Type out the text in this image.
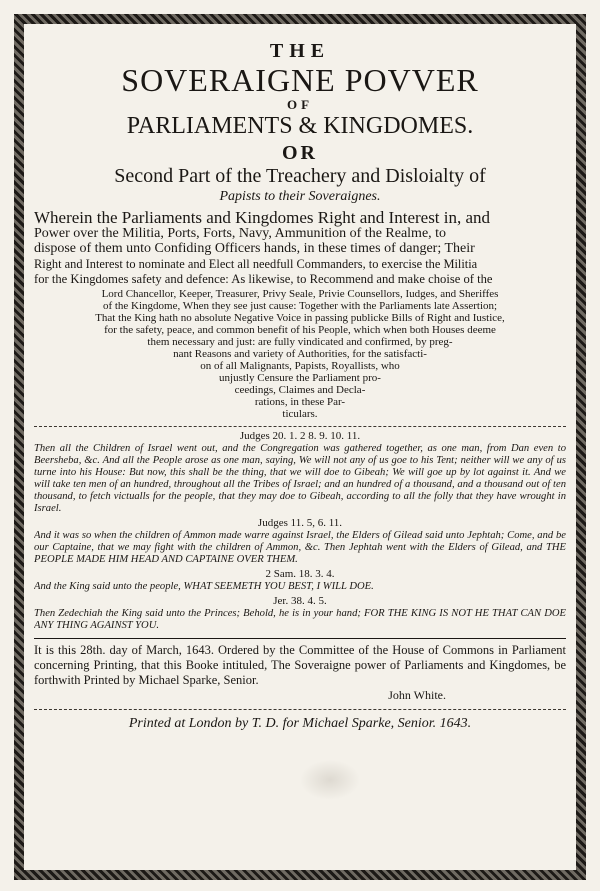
THE
SOVERAIGNE POVVER
OF
PARLIAMENTS & KINGDOMES.
OR
Second Part of the Treachery and Disloialty of
Papists to their Soveraignes.

Wherein the Parliaments and Kingdomes Right and Interest in, and

Power over the Militia, Ports, Forts, Navy, Ammunition of the Realme, to

dispose of them unto Confiding Officers hands, in these times of danger; Their

Right and Interest to nominate and Elect all needfull Commanders, to exercise the Militia

for the Kingdomes safety and defence: As likewise, to Recommend and make choise of the

Lord Chancellor, Keeper, Treasurer, Privy Seale, Privie Counsellors, Iudges, and Sheriffes
of the Kingdome, When they see just cause: Together with the Parliaments late Assertion;
That the King hath no absolute Negative Voice in passing publicke Bills of Right and Iustice,
for the safety, peace, and common benefit of his People, which when both Houses deeme
them necessary and just: are fully vindicated and confirmed, by preg-
nant Reasons and variety of Authorities, for the satisfacti-
on of all Malignants, Papists, Royallists, who
unjustly Censure the Parliament pro-
ceedings, Claimes and Decla-
rations, in these Par-
ticulars.
Judges 20. 1. 2 8. 9. 10. 11.
Then all the Children of Israel went out, and the Congregation was gathered together, as one man, from Dan even to Beersheba, &c. And all the People arose as one man, saying, We will not any of us goe to his Tent; neither will we any of us turne into his House: But now, this shall be the thing, that we will doe to Gibeah; We will goe up by lot against it. And we will take ten men of an hundred, throughout all the Tribes of Israel; and an hundred of a thousand, and a thousand out of ten thousand, to fetch victualls for the people, that they may doe to Gibeah, according to all the folly that they have wrought in Israel.
Judges 11. 5, 6. 11.
And it was so when the children of Ammon made warre against Israel, the Elders of Gilead said unto Jephtah; Come, and be our Captaine, that we may fight with the children of Ammon, &c. Then Jephtah went with the Elders of Gilead, and THE PEOPLE MADE HIM HEAD AND CAPTAINE OVER THEM.
2 Sam. 18. 3. 4.
And the King said unto the people, WHAT SEEMETH YOU BEST, I WILL DOE.
Jer. 38. 4. 5.
Then Zedechiah the King said unto the Princes; Behold, he is in your hand; FOR THE KING IS NOT HE THAT CAN DOE ANY THING AGAINST YOU.
It is this 28th. day of March, 1643. Ordered by the Committee of the House of Commons in Parliament concerning Printing, that this Booke intituled, The Soveraigne power of Parliaments and Kingdomes, be forthwith Printed by Michael Sparke, Senior.
John White.
Printed at London by T. D. for Michael Sparke, Senior. 1643.
